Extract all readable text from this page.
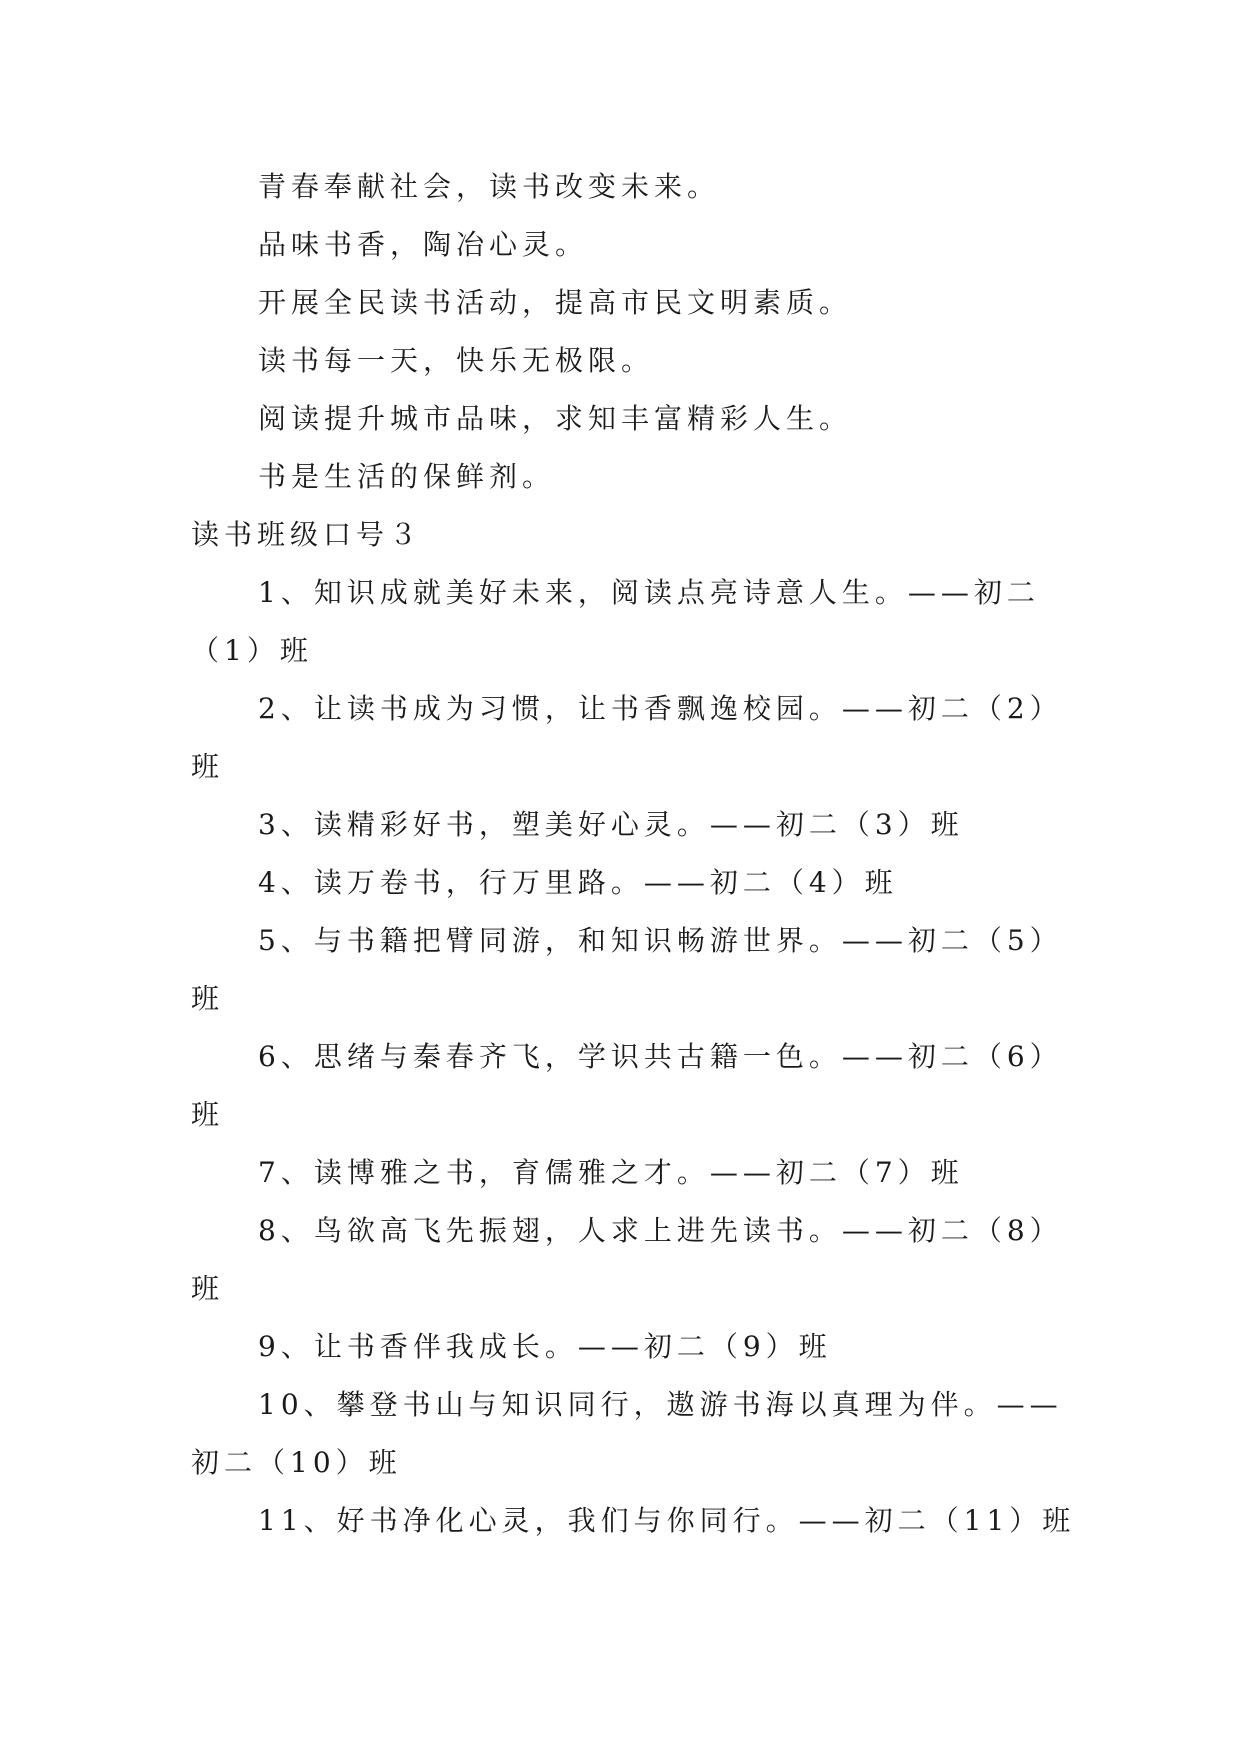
青春奉献社会，读书改变未来。
品味书香，陶冶心灵。
开展全民读书活动，提高市民文明素质。
读书每一天，快乐无极限。
阅读提升城市品味，求知丰富精彩人生。
书是生活的保鲜剂。
读书班级口号３
1、知识成就美好未来，阅读点亮诗意人生。——初二
（1）班
2、让读书成为习惯，让书香飘逸校园。——初二（2）
班
3、读精彩好书，塑美好心灵。——初二（3）班
4、读万卷书，行万里路。——初二（4）班
5、与书籍把臂同游，和知识畅游世界。——初二（5）
班
6、思绪与秦春齐飞，学识共古籍一色。——初二（6）
班
7、读博雅之书，育儒雅之才。——初二（7）班
8、鸟欲高飞先振翅，人求上进先读书。——初二（8）
班
9、让书香伴我成长。——初二（9）班
10、攀登书山与知识同行，遨游书海以真理为伴。——
初二（10）班
11、好书净化心灵，我们与你同行。——初二（11）班
